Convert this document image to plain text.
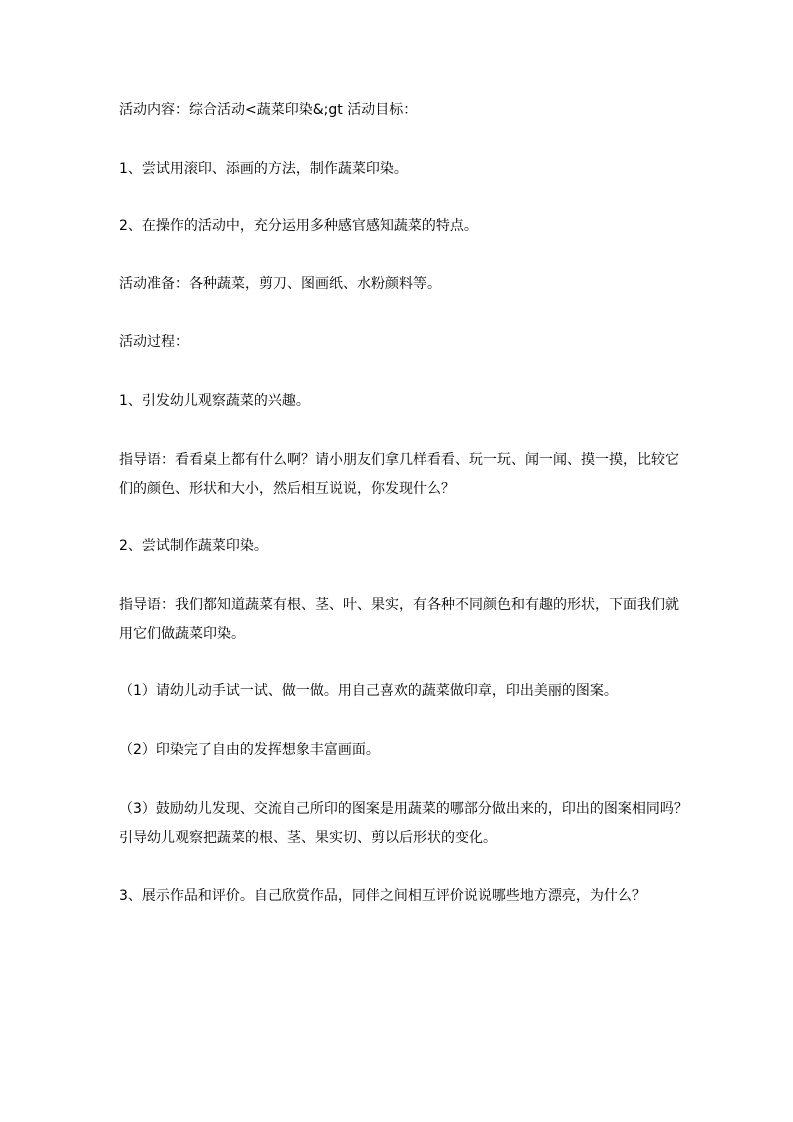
活动内容：综合活动<蔬菜印染&;gt 活动目标：
1、尝试用滚印、添画的方法，制作蔬菜印染。
2、在操作的活动中，充分运用多种感官感知蔬菜的特点。
活动准备：各种蔬菜，剪刀、图画纸、水粉颜料等。
活动过程：
1、引发幼儿观察蔬菜的兴趣。
指导语：看看桌上都有什么啊？请小朋友们拿几样看看、玩一玩、闻一闻、摸一摸，比较它
们的颜色、形状和大小，然后相互说说，你发现什么？
2、尝试制作蔬菜印染。
指导语：我们都知道蔬菜有根、茎、叶、果实，有各种不同颜色和有趣的形状，下面我们就
用它们做蔬菜印染。
（1）请幼儿动手试一试、做一做。用自己喜欢的蔬菜做印章，印出美丽的图案。
（2）印染完了自由的发挥想象丰富画面。
（3）鼓励幼儿发现、交流自己所印的图案是用蔬菜的哪部分做出来的，印出的图案相同吗？
引导幼儿观察把蔬菜的根、茎、果实切、剪以后形状的变化。
3、展示作品和评价。自己欣赏作品，同伴之间相互评价说说哪些地方漂亮，为什么？
